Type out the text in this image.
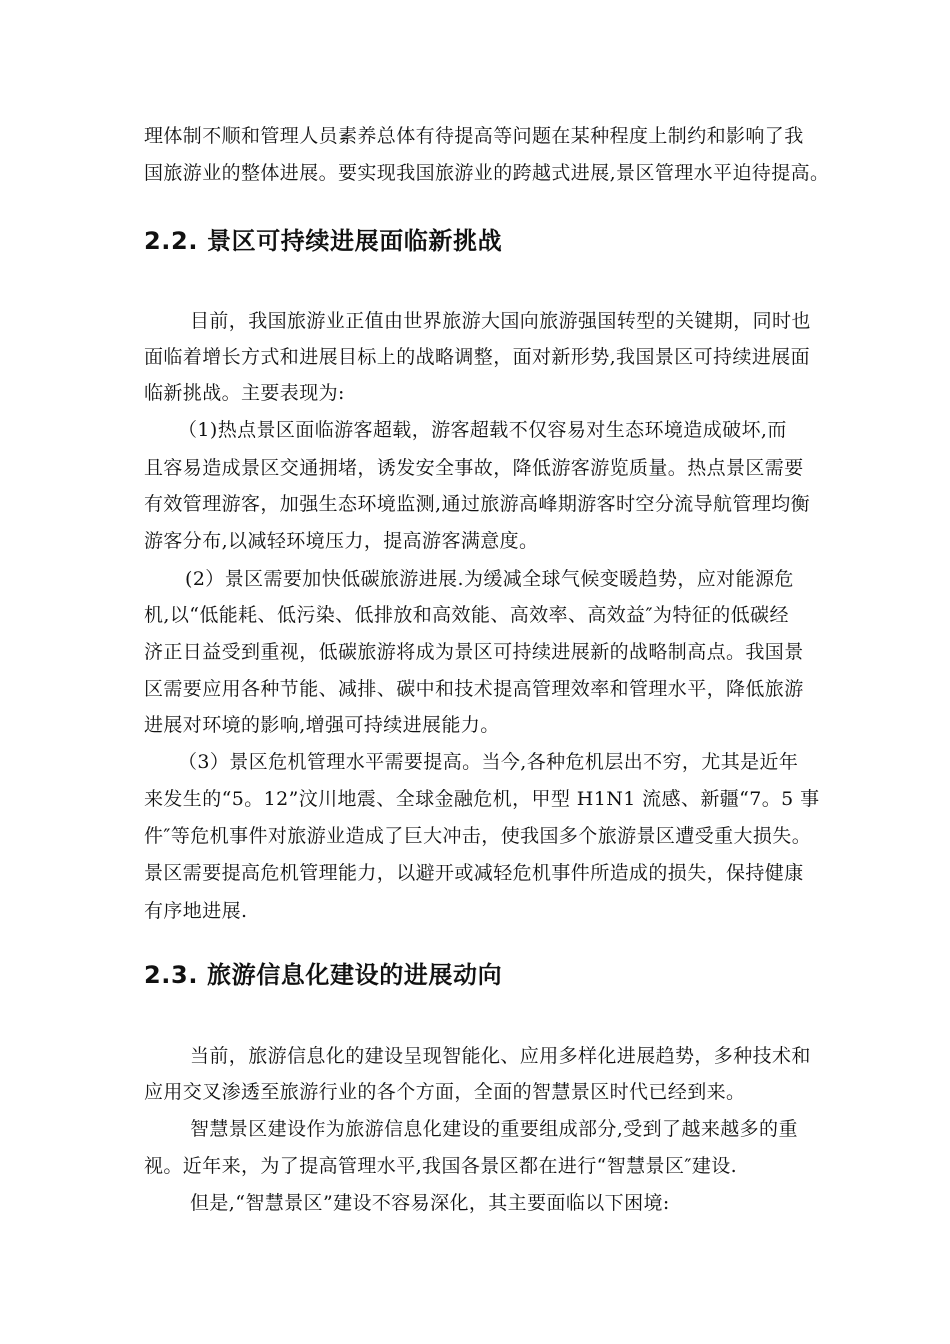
理体制不顺和管理人员素养总体有待提高等问题在某种程度上制约和影响了我
国旅游业的整体进展。要实现我国旅游业的跨越式进展,景区管理水平迫待提高。
2.2. 景区可持续进展面临新挑战
目前，我国旅游业正值由世界旅游大国向旅游强国转型的关键期，同时也
面临着增长方式和进展目标上的战略调整，面对新形势,我国景区可持续进展面
临新挑战。主要表现为:
（1)热点景区面临游客超载，游客超载不仅容易对生态环境造成破坏,而
且容易造成景区交通拥堵，诱发安全事故，降低游客游览质量。热点景区需要
有效管理游客，加强生态环境监测,通过旅游高峰期游客时空分流导航管理均衡
游客分布,以减轻环境压力，提高游客满意度。
(2）景区需要加快低碳旅游进展.为缓减全球气候变暖趋势，应对能源危
机,以“低能耗、低污染、低排放和高效能、高效率、高效益″为特征的低碳经
济正日益受到重视，低碳旅游将成为景区可持续进展新的战略制高点。我国景
区需要应用各种节能、减排、碳中和技术提高管理效率和管理水平，降低旅游
进展对环境的影响,增强可持续进展能力。
（3）景区危机管理水平需要提高。当今,各种危机层出不穷，尤其是近年
来发生的“5。12”汶川地震、全球金融危机，甲型 H1N1 流感、新疆“7。5 事
件″等危机事件对旅游业造成了巨大冲击，使我国多个旅游景区遭受重大损失。
景区需要提高危机管理能力，以避开或减轻危机事件所造成的损失，保持健康
有序地进展.
2.3. 旅游信息化建设的进展动向
当前，旅游信息化的建设呈现智能化、应用多样化进展趋势，多种技术和
应用交叉渗透至旅游行业的各个方面，全面的智慧景区时代已经到来。
智慧景区建设作为旅游信息化建设的重要组成部分,受到了越来越多的重
视。近年来，为了提高管理水平,我国各景区都在进行“智慧景区″建设.
但是,“智慧景区”建设不容易深化，其主要面临以下困境:
